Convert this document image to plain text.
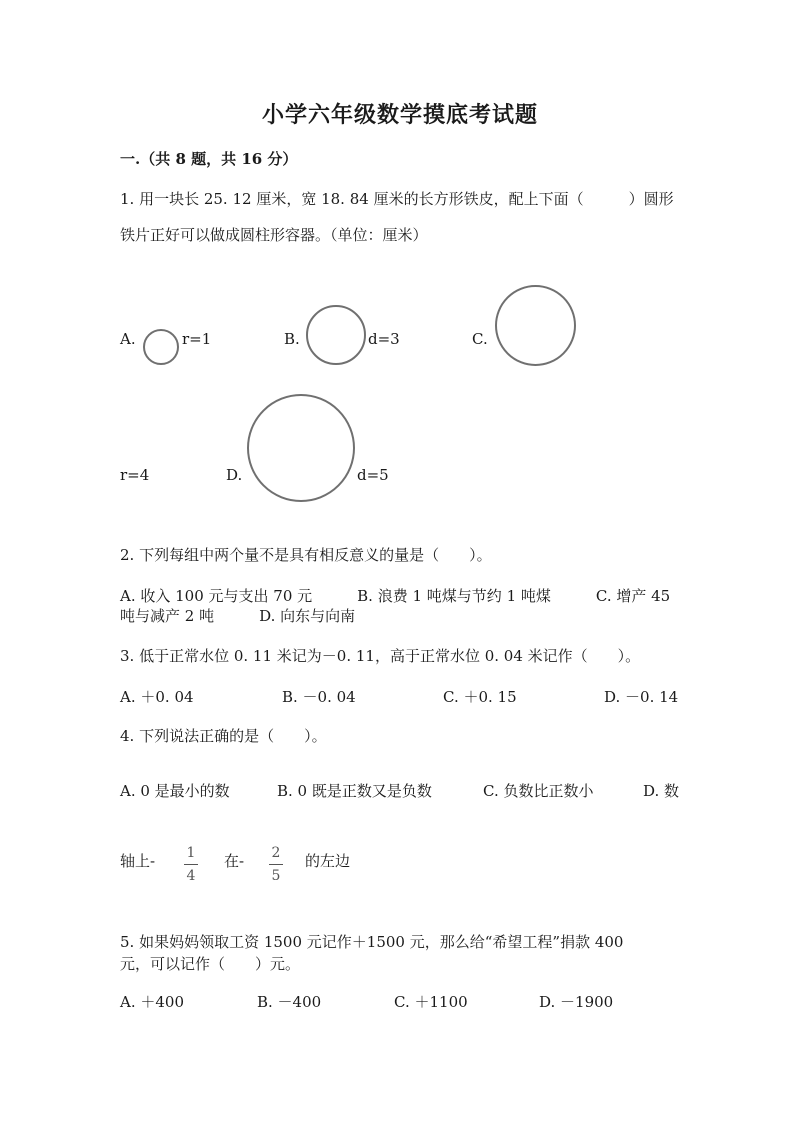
小学六年级数学摸底考试题
一.（共 8 题，共 16 分）
1. 用一块长 25. 12 厘米，宽 18. 84 厘米的长方形铁皮，配上下面（　　　）圆形
铁片正好可以做成圆柱形容器。（单位：厘米）
A.	r=1	B.	d=3	C.
r=4	D.	d=5
2. 下列每组中两个量不是具有相反意义的量是（　　）。
A. 收入 100 元与支出 70 元　　　B. 浪费 1 吨煤与节约 1 吨煤　　　C. 增产 45
吨与减产 2 吨　　　D. 向东与向南
3. 低于正常水位 0. 11 米记为－0. 11，高于正常水位 0. 04 米记作（　　）。
A. ＋0. 04	B. －0. 04	C. ＋0. 15	D. －0. 14
4. 下列说法正确的是（　　）。
A. 0 是最小的数	B. 0 既是正数又是负数	C. 负数比正数小	D. 数
轴上- 1
4
在- 2
5
的左边
5. 如果妈妈领取工资 1500 元记作＋1500 元，那么给“希望工程”捐款 400
元，可以记作（　　）元。
A. ＋400	B. －400	C. ＋1100	D. －1900
